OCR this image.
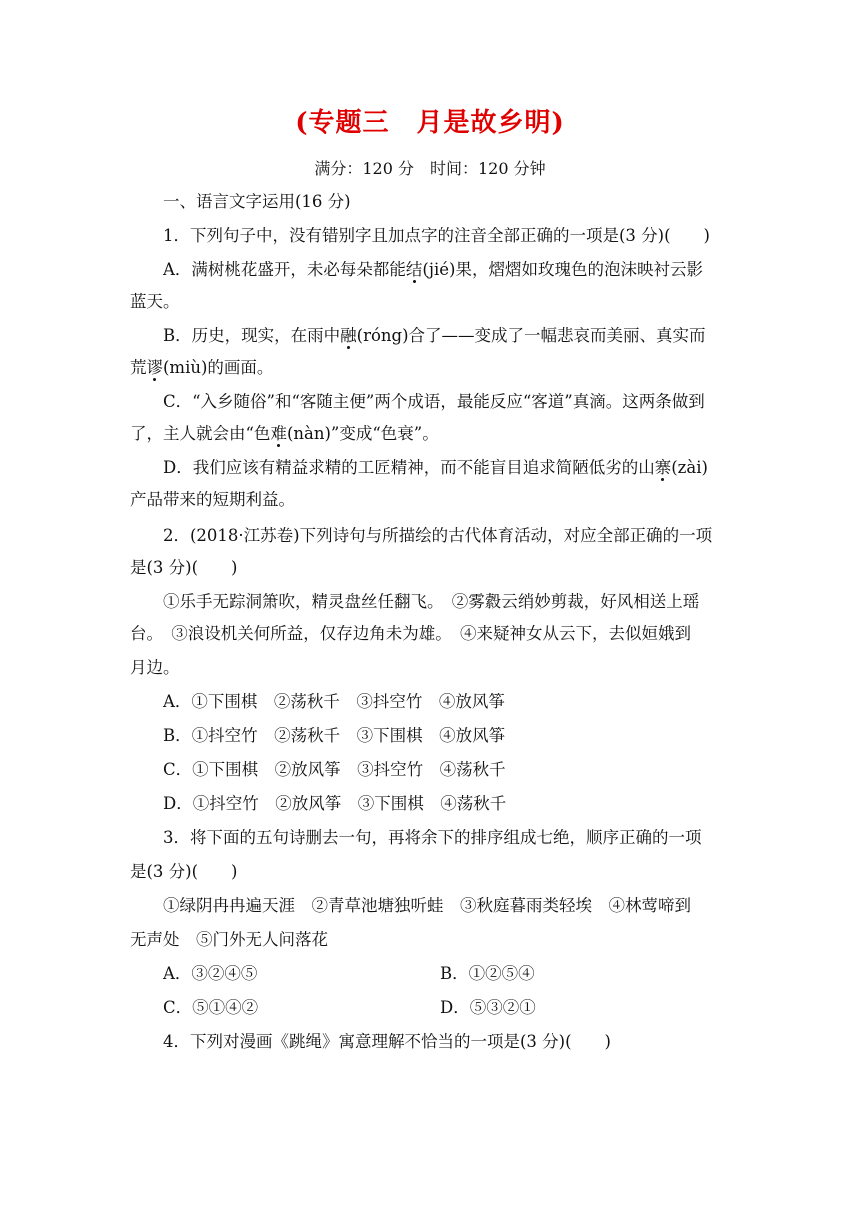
(专题三　月是故乡明)
满分：120 分　时间：120 分钟
一、语言文字运用(16 分)
1．下列句子中，没有错别字且加点字的注音全部正确的一项是(3 分)(　　)
A．满树桃花盛开，未必每朵都能结(jié)果，熠熠如玫瑰色的泡沫映衬云影
蓝天。
B．历史，现实，在雨中融(róng)合了——变成了一幅悲哀而美丽、真实而
荒谬(miù)的画面。
C．“入乡随俗”和“客随主便”两个成语，最能反应“客道”真滴。这两条做到
了，主人就会由“色难(nàn)”变成“色衰”。
D．我们应该有精益求精的工匠精神，而不能盲目追求简陋低劣的山寨(zài)
产品带来的短期利益。
2．(2018·江苏卷)下列诗句与所描绘的古代体育活动，对应全部正确的一项
是(3 分)(　　)
①乐手无踪洞箫吹，精灵盘丝任翻飞。　②雾縠云绡妙剪裁，好风相送上瑶
台。　③浪设机关何所益，仅存边角未为雄。　④来疑神女从云下，去似姮娥到
月边。
A．①下围棋　②荡秋千　③抖空竹　④放风筝
B．①抖空竹　②荡秋千　③下围棋　④放风筝
C．①下围棋　②放风筝　③抖空竹　④荡秋千
D．①抖空竹　②放风筝　③下围棋　④荡秋千
3．将下面的五句诗删去一句，再将余下的排序组成七绝，顺序正确的一项
是(3 分)(　　)
①绿阴冉冉遍天涯　②青草池塘独听蛙　③秋庭暮雨类轻埃　④林莺啼到
无声处　⑤门外无人问落花
A．③②④⑤	B．①②⑤④
C．⑤①④②	D．⑤③②①
4．下列对漫画《跳绳》寓意理解不恰当的一项是(3 分)(　　)
